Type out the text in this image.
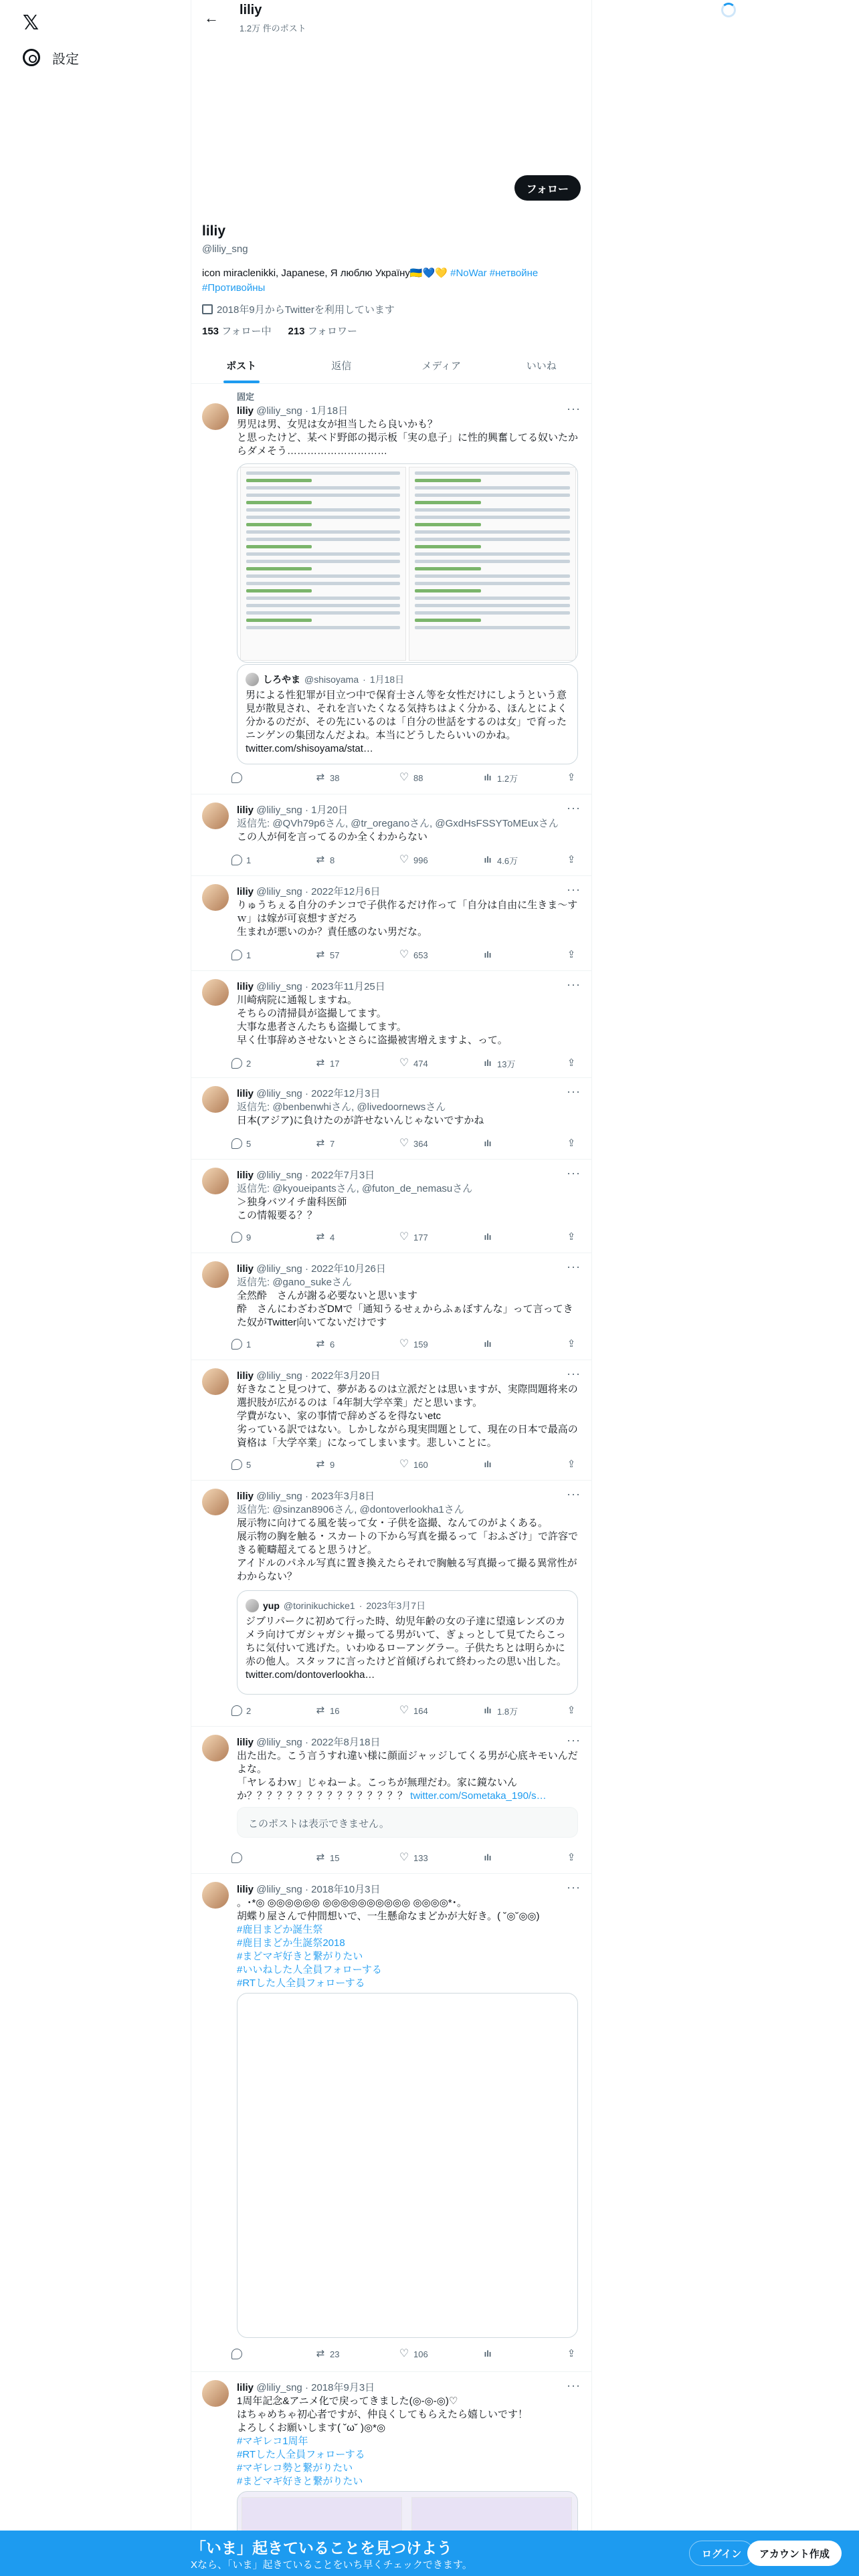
𝕏
設定
← liliy
1.2万 件のポスト
フォロー
liliy
@liliy_sng
icon miraclenikki, Japanese, Я люблю Україну🇺🇦💙💛 #NoWar #нетвойне #Противойны
2018年9月からTwitterを利用しています
153 フォロー中 213 フォロワー
ポスト	返信	メディア	いいね
固定
liliy @liliy_sng · 1月18日	···
男児は男、女児は女が担当したら良いかも？
と思ったけど、某ベド野郎の掲示板「実の息子」に性的興奮してる奴いたからダメそう…………………………
しろやま @shisoyama · 1月18日
男による性犯罪が目立つ中で保育士さん等を女性だけにしようという意見が散見され、それを言いたくなる気持ちはよく分かる、ほんとによく分かるのだが、その先にいるのは「自分の世話をするのは女」で育ったニンゲンの集団なんだよね。本当にどうしたらいいのかね。
twitter.com/shisoyama/stat…
⇄ 38	♡ 88	ılı 1.2万	⇪
liliy @liliy_sng · 1月20日	···
返信先: @QVh79p6さん, @tr_oreganoさん, @GxdHsFSSYToMEuxさん
この人が何を言ってるのか全くわからない
1	⇄ 8	♡ 996	ılı 4.6万	⇪
liliy @liliy_sng · 2022年12月6日	···
りゅうちぇる自分のチンコで子供作るだけ作って「自分は自由に生きま〜すｗ」は嫁が可哀想すぎだろ
生まれが悪いのか？責任感のない男だな。
1	⇄ 57	♡ 653	ılı	⇪
liliy @liliy_sng · 2023年11月25日	···
川崎病院に通報しますね。
そちらの清掃員が盗撮してます。
大事な患者さんたちも盗撮してます。
早く仕事辞めさせないとさらに盗撮被害増えますよ、って。
2	⇄ 17	♡ 474	ılı 13万	⇪
liliy @liliy_sng · 2022年12月3日	···
返信先: @benbenwhiさん, @livedoornewsさん
日本(アジア)に負けたのが許せないんじゃないですかね
5	⇄ 7	♡ 364	ılı	⇪
liliy @liliy_sng · 2022年7月3日	···
返信先: @kyoueipantsさん, @futon_de_nemasuさん
＞独身バツイチ歯科医師
この情報要る？？
9	⇄ 4	♡ 177	ılı	⇪
liliy @liliy_sng · 2022年10月26日	···
返信先: @gano_sukeさん
全然酔　さんが謝る必要ないと思います
酔　さんにわざわざDMで「通知うるせぇからふぁぼすんな」って言ってきた奴がTwitter向いてないだけです
1	⇄ 6	♡ 159	ılı	⇪
liliy @liliy_sng · 2022年3月20日	···
好きなこと見つけて、夢があるのは立派だとは思いますが、実際問題将来の選択肢が広がるのは「4年制大学卒業」だと思います。
学費がない、家の事情で辞めざるを得ないetc
劣っている訳ではない。しかしながら現実問題として、現在の日本で最高の資格は「大学卒業」になってしまいます。悲しいことに。
5	⇄ 9	♡ 160	ılı	⇪
liliy @liliy_sng · 2023年3月8日	···
返信先: @sinzan8906さん, @dontoverlookha1さん
展示物に向けてる風を装って女・子供を盗撮、なんてのがよくある。
展示物の胸を触る・スカートの下から写真を撮るって「おふざけ」で許容できる範疇超えてると思うけど。
アイドルのパネル写真に置き換えたらそれで胸触る写真撮って撮る異常性がわからない？
yup @torinikuchicke1 · 2023年3月7日
ジブリパークに初めて行った時、幼児年齢の女の子達に望遠レンズのカメラ向けてガシャガシャ撮ってる男がいて、ぎょっとして見てたらこっちに気付いて逃げた。いわゆるローアングラー。子供たちとは明らかに赤の他人。スタッフに言ったけど首傾げられて終わったの思い出した。
twitter.com/dontoverlookha…
2	⇄ 16	♡ 164	ılı 1.8万	⇪
liliy @liliy_sng · 2022年8月18日	···
出た出た。こう言うすれ違い様に顔面ジャッジしてくる男が心底キモいんだよな。
「ヤレるわｗ」じゃねーよ。こっちが無理だわ。家に鏡ないんか？？？？？？？？？？？？？？？？ twitter.com/Sometaka_190/s…
このポストは表示できません。
⇄ 15	♡ 133	ılı	⇪
liliy @liliy_sng · 2018年10月3日	···
。･*◎ ◎◎◎◎◎◎ ◎◎◎◎◎◎◎◎◎◎ ◎◎◎◎*･。
胡蝶り屋さんで仲間想いで、一生懸命なまどかが大好き。( ˘◎˘◎◎)
#鹿目まどか誕生祭
#鹿目まどか生誕祭2018
#まどマギ好きと繋がりたい
#いいねした人全員フォローする
#RTした人全員フォローする
⇄ 23	♡ 106	ılı	⇪
liliy @liliy_sng · 2018年9月3日	···
1周年記念&アニメ化で戻ってきました(◎-◎-◎)♡
はちゃめちゃ初心者ですが、仲良くしてもらえたら嬉しいです！
よろしくお願いします( ˘ω˘ )◎*◎
#マギレコ1周年
#RTした人全員フォローする
#マギレコ勢と繋がりたい
#まどマギ好きと繋がりたい
「いま」起きていることを見つけよう
Xなら、「いま」起きていることをいち早くチェックできます。
ログイン	アカウント作成
